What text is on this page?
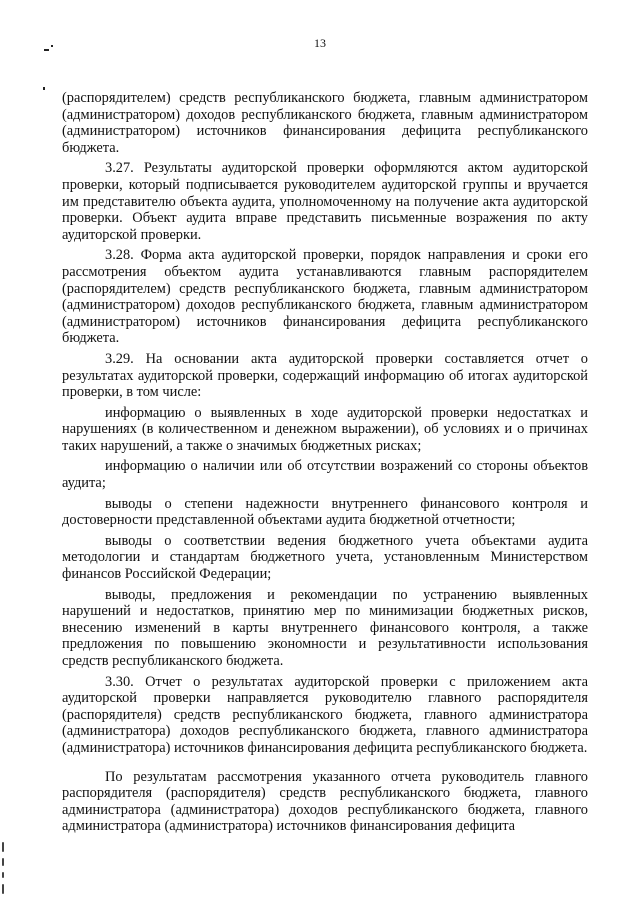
13

(распорядителем) средств республиканского бюджета, главным администратором (администратором) доходов республиканского бюджета, главным администратором (администратором) источников финансирования дефицита республиканского бюджета.

3.27. Результаты аудиторской проверки оформляются актом аудиторской проверки, который подписывается руководителем аудиторской группы и вручается им представителю объекта аудита, уполномоченному на получение акта аудиторской проверки. Объект аудита вправе представить письменные возражения по акту аудиторской проверки.

3.28. Форма акта аудиторской проверки, порядок направления и сроки его рассмотрения объектом аудита устанавливаются главным распорядителем (распорядителем) средств республиканского бюджета, главным администратором (администратором) доходов республиканского бюджета, главным администратором (администратором) источников финансирования дефицита республиканского бюджета.

3.29. На основании акта аудиторской проверки составляется отчет о результатах аудиторской проверки, содержащий информацию об итогах аудиторской проверки, в том числе:

информацию о выявленных в ходе аудиторской проверки недостатках и нарушениях (в количественном и денежном выражении), об условиях и о причинах таких нарушений, а также о значимых бюджетных рисках;

информацию о наличии или об отсутствии возражений со стороны объектов аудита;

выводы о степени надежности внутреннего финансового контроля и достоверности представленной объектами аудита бюджетной отчетности;

выводы о соответствии ведения бюджетного учета объектами аудита методологии и стандартам бюджетного учета, установленным Министерством финансов Российской Федерации;

выводы, предложения и рекомендации по устранению выявленных нарушений и недостатков, принятию мер по минимизации бюджетных рисков, внесению изменений в карты внутреннего финансового контроля, а также предложения по повышению экономности и результативности использования средств республиканского бюджета.

3.30. Отчет о результатах аудиторской проверки с приложением акта аудиторской проверки направляется руководителю главного распорядителя (распорядителя) средств республиканского бюджета, главного администратора (администратора) доходов республиканского бюджета, главного администратора (администратора) источников финансирования дефицита республиканского бюджета.

По результатам рассмотрения указанного отчета руководитель главного распорядителя (распорядителя) средств республиканского бюджета, главного администратора (администратора) доходов республиканского бюджета, главного администратора (администратора) источников финансирования дефицита
